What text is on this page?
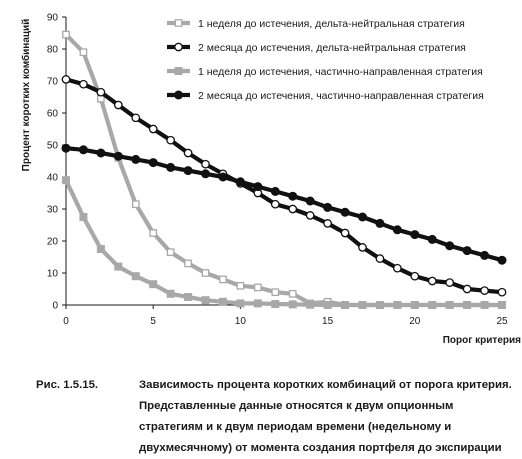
0
10
20
30
40
50
60
70
80
90
0	5	10	15	20	25
1 неделя до истечения, дельта-нейтральная стратегия
2 месяца до истечения, дельта-нейтральная стратегия
1 неделя до истечения, частично-направленная стратегия
2 месяца до истечения, частично-направленная стратегия
Порог критерия
Процент коротких комбинаций
Рис. 1.5.15.	Зависимость процента коротких комбинаций от порога критерия. Представленные данные относятся к двум опционным стратегиям и к двум периодам времени (недельному и двухмесячному) от момента создания портфеля до экспирации
